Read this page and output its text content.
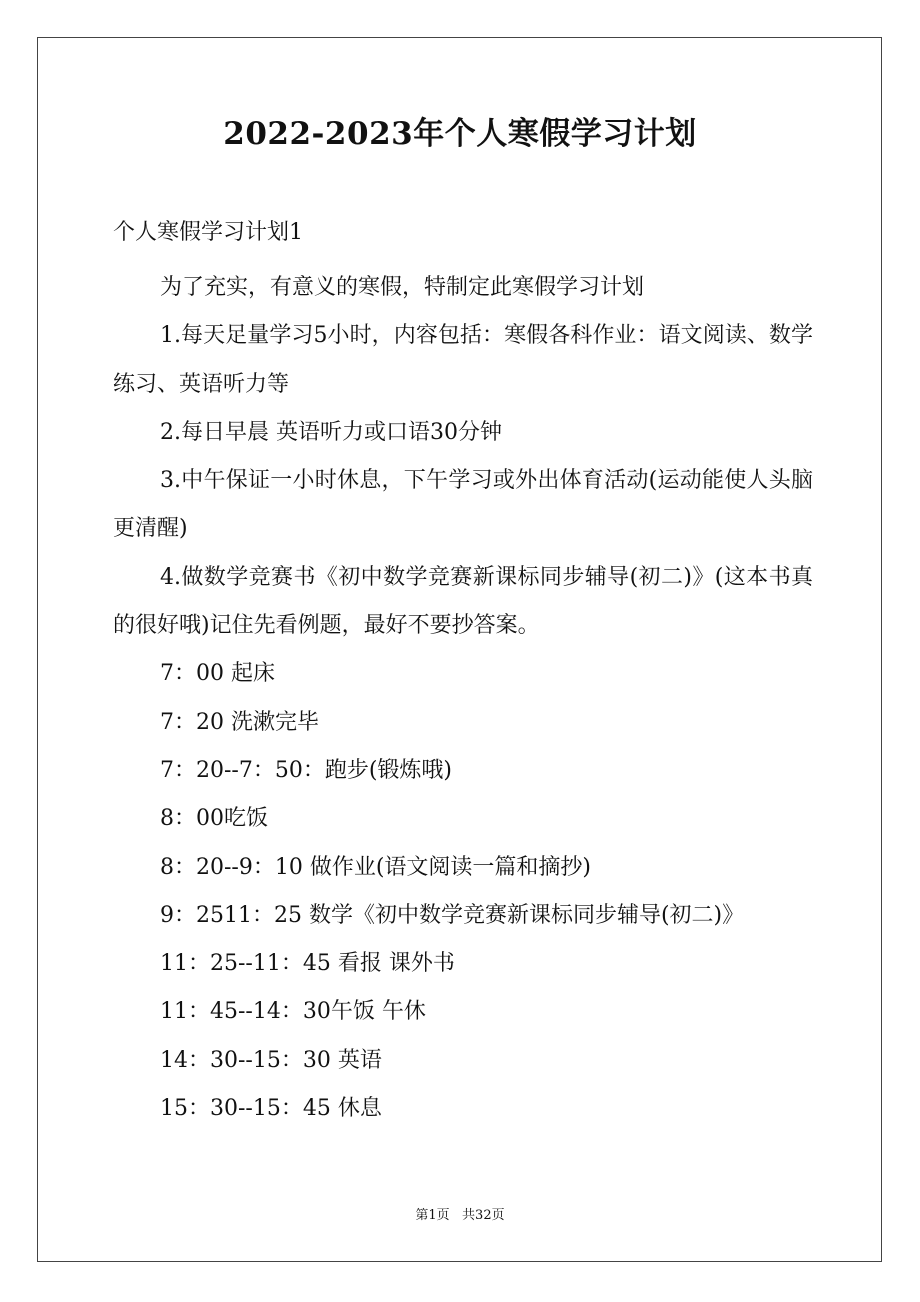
2022-2023年个人寒假学习计划
个人寒假学习计划1

为了充实，有意义的寒假，特制定此寒假学习计划

1.每天足量学习5小时，内容包括：寒假各科作业：语文阅读、数学练习、英语听力等

2.每日早晨 英语听力或口语30分钟

3.中午保证一小时休息，下午学习或外出体育活动(运动能使人头脑更清醒)

4.做数学竞赛书《初中数学竞赛新课标同步辅导(初二)》(这本书真的很好哦)记住先看例题，最好不要抄答案。

7：00 起床

7：20 洗漱完毕

7：20--7：50：跑步(锻炼哦)

8：00吃饭

8：20--9：10 做作业(语文阅读一篇和摘抄)

9：2511：25 数学《初中数学竞赛新课标同步辅导(初二)》

11：25--11：45 看报 课外书

11：45--14：30午饭 午休

14：30--15：30 英语

15：30--15：45 休息

第1页   共32页
